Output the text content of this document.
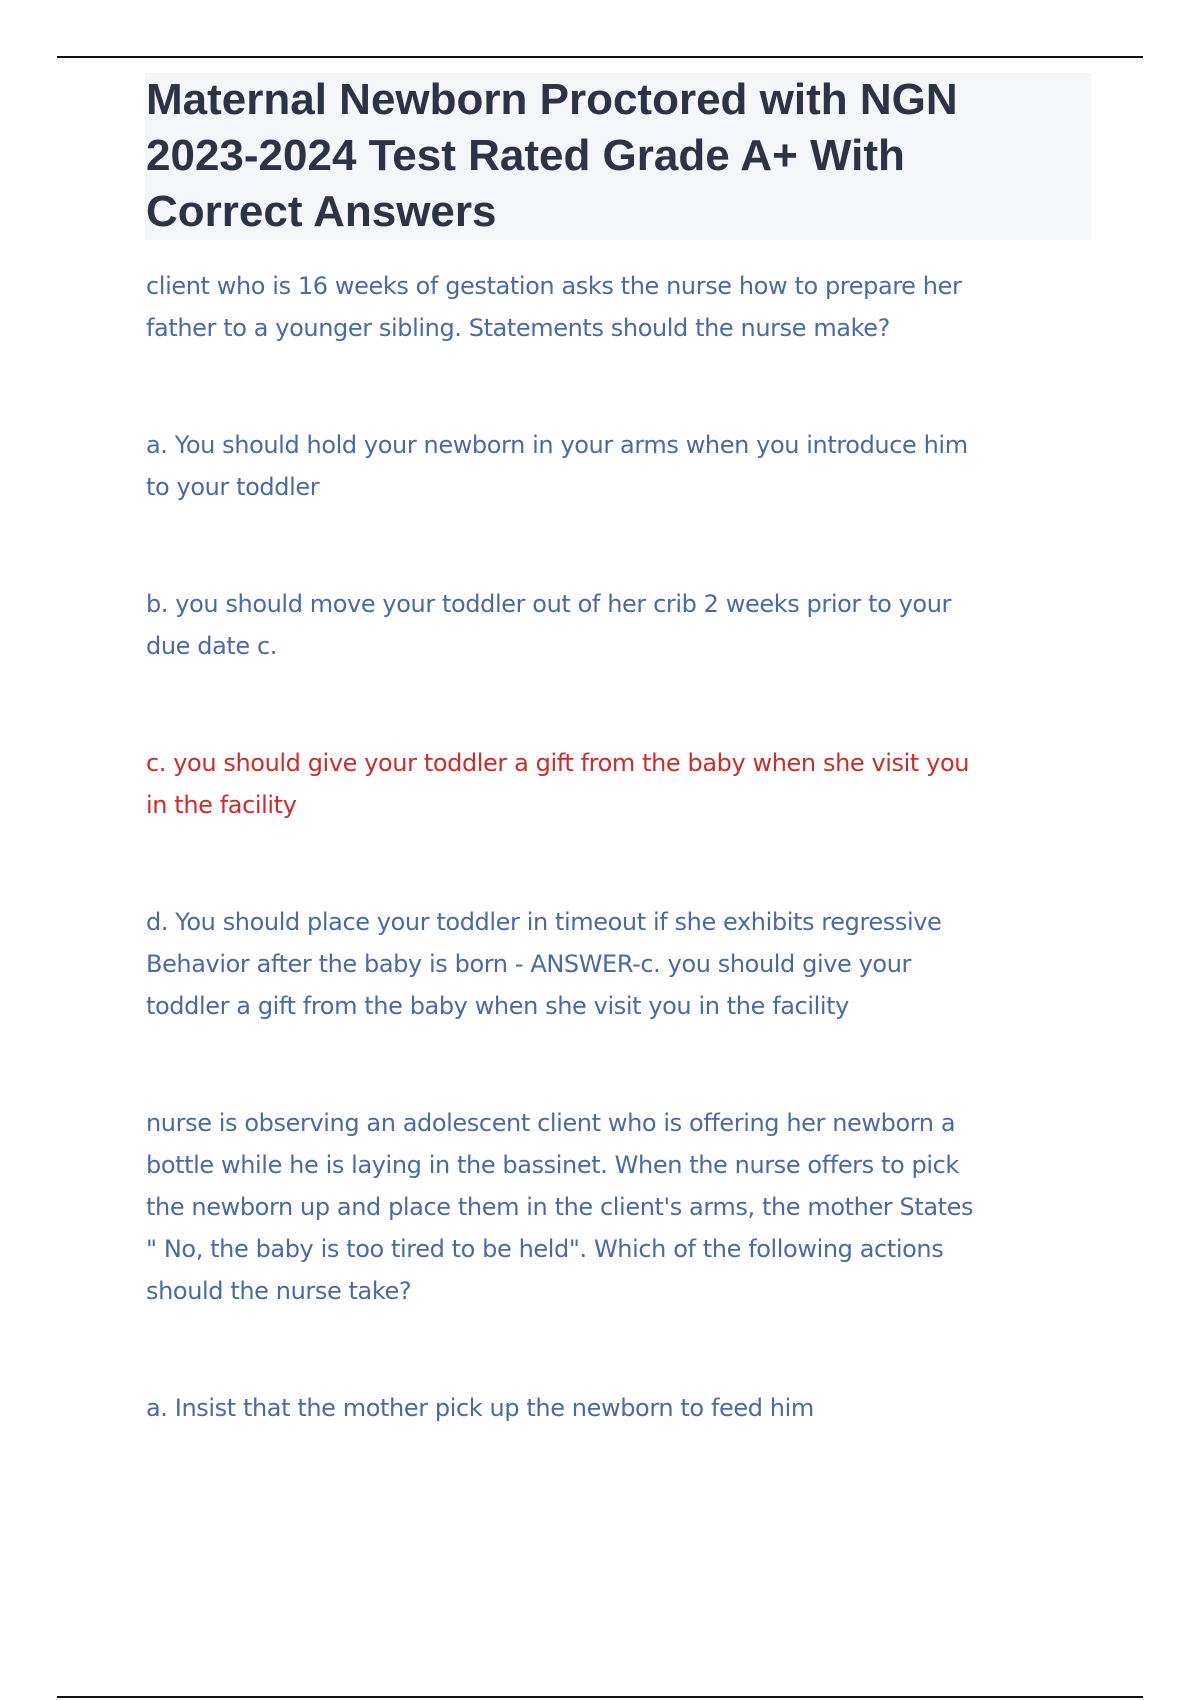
Maternal Newborn Proctored with NGN
2023-2024 Test Rated Grade A+ With
Correct Answers

client who is 16 weeks of gestation asks the nurse how to prepare her
father to a younger sibling. Statements should the nurse make?

a. You should hold your newborn in your arms when you introduce him
to your toddler

b. you should move your toddler out of her crib 2 weeks prior to your
due date c.

c. you should give your toddler a gift from the baby when she visit you
in the facility

d. You should place your toddler in timeout if she exhibits regressive
Behavior after the baby is born - ANSWER-c. you should give your
toddler a gift from the baby when she visit you in the facility

nurse is observing an adolescent client who is offering her newborn a
bottle while he is laying in the bassinet. When the nurse offers to pick
the newborn up and place them in the client's arms, the mother States
" No, the baby is too tired to be held". Which of the following actions
should the nurse take?

a. Insist that the mother pick up the newborn to feed him
